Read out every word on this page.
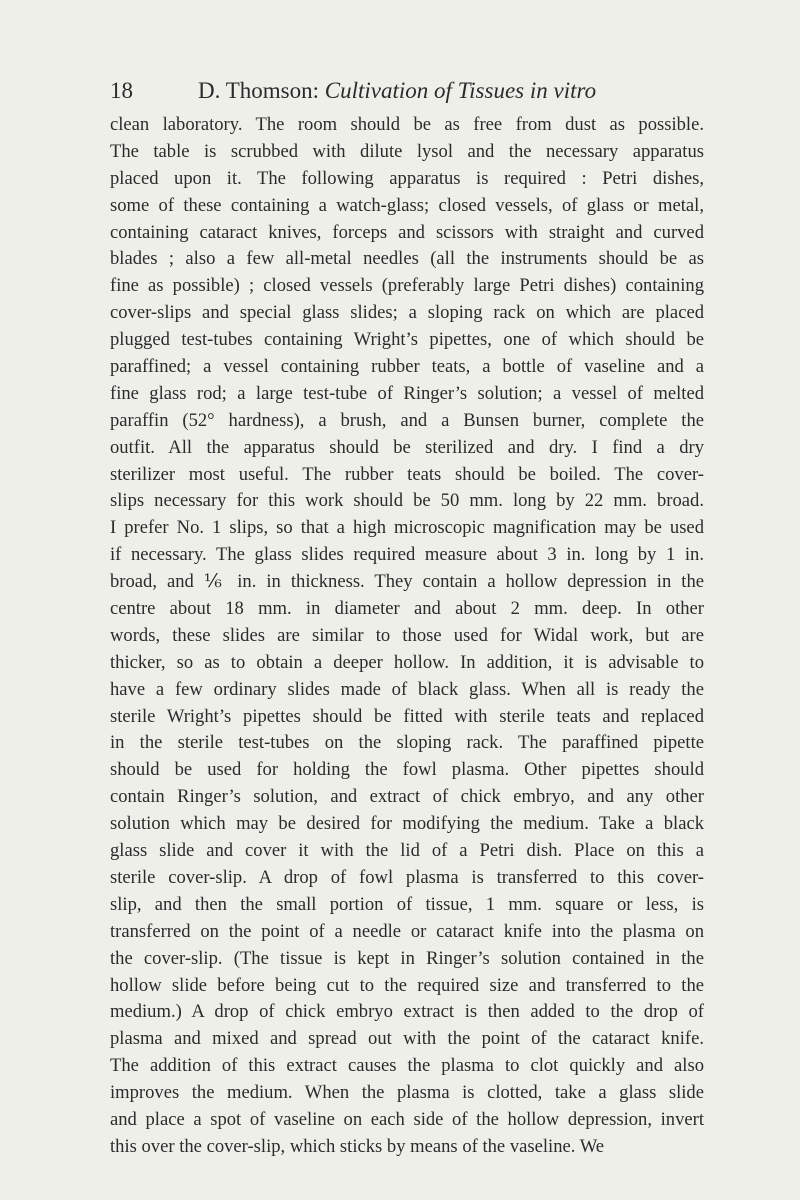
18	D. Thomson: Cultivation of Tissues in vitro
clean laboratory. The room should be as free from dust as possible.
The table is scrubbed with dilute lysol and the necessary apparatus
placed upon it. The following apparatus is required : Petri dishes,
some of these containing a watch-glass; closed vessels, of glass or metal,
containing cataract knives, forceps and scissors with straight and curved
blades ; also a few all-metal needles (all the instruments should be as
fine as possible) ; closed vessels (preferably large Petri dishes) containing
cover-slips and special glass slides; a sloping rack on which are placed
plugged test-tubes containing Wright’s pipettes, one of which should be
paraffined; a vessel containing rubber teats, a bottle of vaseline and a
fine glass rod; a large test-tube of Ringer’s solution; a vessel of melted
paraffin (52° hardness), a brush, and a Bunsen burner, complete the
outfit. All the apparatus should be sterilized and dry. I find a dry
sterilizer most useful. The rubber teats should be boiled. The cover-
slips necessary for this work should be 50 mm. long by 22 mm. broad.
I prefer No. 1 slips, so that a high microscopic magnification may be used
if necessary. The glass slides required measure about 3 in. long by 1 in.
broad, and ⅙ in. in thickness. They contain a hollow depression in the
centre about 18 mm. in diameter and about 2 mm. deep. In other
words, these slides are similar to those used for Widal work, but are
thicker, so as to obtain a deeper hollow. In addition, it is advisable to
have a few ordinary slides made of black glass. When all is ready the
sterile Wright’s pipettes should be fitted with sterile teats and replaced
in the sterile test-tubes on the sloping rack. The paraffined pipette
should be used for holding the fowl plasma. Other pipettes should
contain Ringer’s solution, and extract of chick embryo, and any other
solution which may be desired for modifying the medium. Take a black
glass slide and cover it with the lid of a Petri dish. Place on this a
sterile cover-slip. A drop of fowl plasma is transferred to this cover-
slip, and then the small portion of tissue, 1 mm. square or less, is
transferred on the point of a needle or cataract knife into the plasma on
the cover-slip. (The tissue is kept in Ringer’s solution contained in the
hollow slide before being cut to the required size and transferred to the
medium.) A drop of chick embryo extract is then added to the drop of
plasma and mixed and spread out with the point of the cataract knife.
The addition of this extract causes the plasma to clot quickly and also
improves the medium. When the plasma is clotted, take a glass slide
and place a spot of vaseline on each side of the hollow depression, invert
this over the cover-slip, which sticks by means of the vaseline. We
